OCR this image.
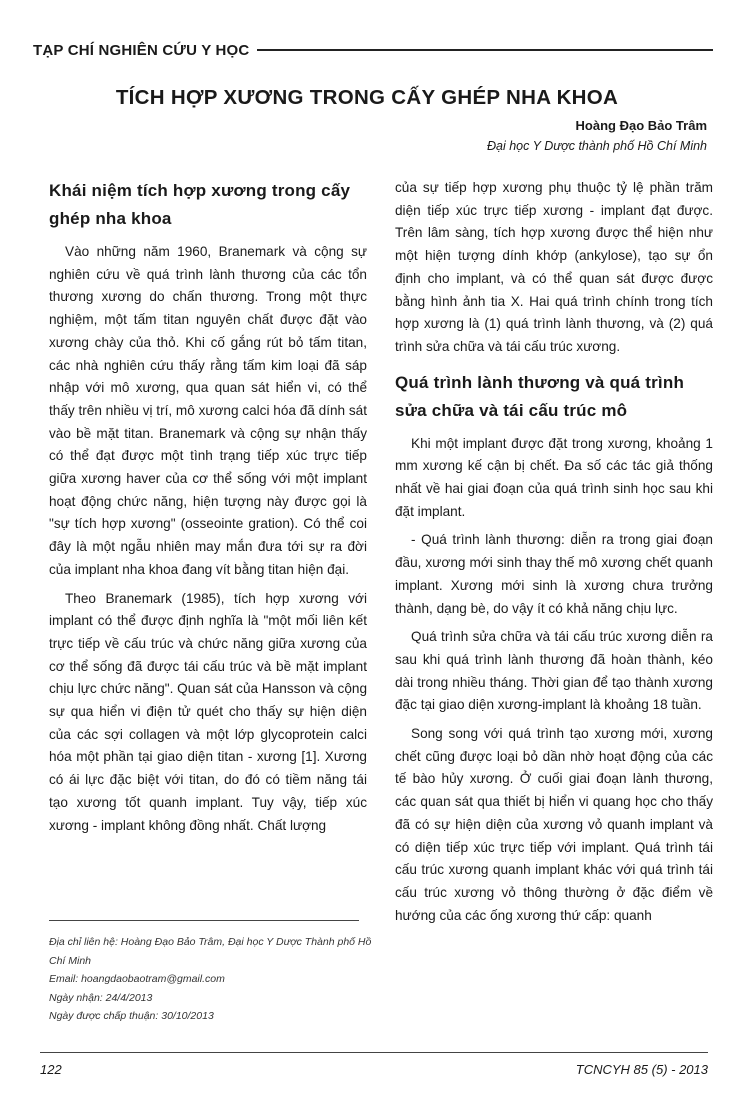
TẠP CHÍ NGHIÊN CỨU Y HỌC
TÍCH HỢP XƯƠNG TRONG CẤY GHÉP NHA KHOA
Hoàng Đạo Bảo Trâm
Đại học Y Dược thành phố Hồ Chí Minh
Khái niệm tích hợp xương trong cấy ghép nha khoa

Vào những năm 1960, Branemark và cộng sự nghiên cứu về quá trình lành thương của các tổn thương xương do chấn thương. Trong một thực nghiệm, một tấm titan nguyên chất được đặt vào xương chày của thỏ. Khi cố gắng rút bỏ tấm titan, các nhà nghiên cứu thấy rằng tấm kim loại đã sáp nhập với mô xương, qua quan sát hiển vi, có thể thấy trên nhiều vị trí, mô xương calci hóa đã dính sát vào bề mặt titan. Branemark và cộng sự nhận thấy có thể đạt được một tình trạng tiếp xúc trực tiếp giữa xương haver của cơ thể sống với một implant hoạt động chức năng, hiện tượng này được gọi là "sự tích hợp xương" (osseointe gration). Có thể coi đây là một ngẫu nhiên may mắn đưa tới sự ra đời của implant nha khoa đang vít bằng titan hiện đại.

Theo Branemark (1985), tích hợp xương với implant có thể được định nghĩa là "một mối liên kết trực tiếp về cấu trúc và chức năng giữa xương của cơ thể sống đã được tái cấu trúc và bề mặt implant chịu lực chức năng". Quan sát của Hansson và cộng sự qua hiển vi điện tử quét cho thấy sự hiện diện của các sợi collagen và một lớp glycoprotein calci hóa một phần tại giao diện titan - xương [1]. Xương có ái lực đặc biệt với titan, do đó có tiềm năng tái tạo xương tốt quanh implant. Tuy vậy, tiếp xúc xương - implant không đồng nhất. Chất lượng

của sự tiếp hợp xương phụ thuộc tỷ lệ phần trăm diện tiếp xúc trực tiếp xương - implant đạt được. Trên lâm sàng, tích hợp xương được thể hiện như một hiện tượng dính khớp (ankylose), tạo sự ổn định cho implant, và có thể quan sát được được bằng hình ảnh tia X. Hai quá trình chính trong tích hợp xương là (1) quá trình lành thương, và (2) quá trình sửa chữa và tái cấu trúc xương.

Quá trình lành thương và quá trình sửa chữa và tái cấu trúc mô

Khi một implant được đặt trong xương, khoảng 1 mm xương kế cận bị chết. Đa số các tác giả thống nhất về hai giai đoạn của quá trình sinh học sau khi đặt implant.

- Quá trình lành thương: diễn ra trong giai đoạn đầu, xương mới sinh thay thế mô xương chết quanh implant. Xương mới sinh là xương chưa trưởng thành, dạng bè, do vậy ít có khả năng chịu lực.

Quá trình sửa chữa và tái cấu trúc xương diễn ra sau khi quá trình lành thương đã hoàn thành, kéo dài trong nhiều tháng. Thời gian để tạo thành xương đặc tại giao diện xương-implant là khoảng 18 tuần.

Song song với quá trình tạo xương mới, xương chết cũng được loại bỏ dần nhờ hoạt động của các tế bào hủy xương. Ở cuối giai đoạn lành thương, các quan sát qua thiết bị hiển vi quang học cho thấy đã có sự hiện diện của xương vỏ quanh implant và có diện tiếp xúc trực tiếp với implant. Quá trình tái cấu trúc xương quanh implant khác với quá trình tái cấu trúc xương vỏ thông thường ở đặc điểm về hướng của các ống xương thứ cấp: quanh

Địa chỉ liên hệ: Hoàng Đạo Bảo Trâm, Đại học Y Dược Thành phố Hồ Chí Minh
Email: hoangdaobaotram@gmail.com
Ngày nhận: 24/4/2013
Ngày được chấp thuận: 30/10/2013
122	TCNCYH 85 (5) - 2013
